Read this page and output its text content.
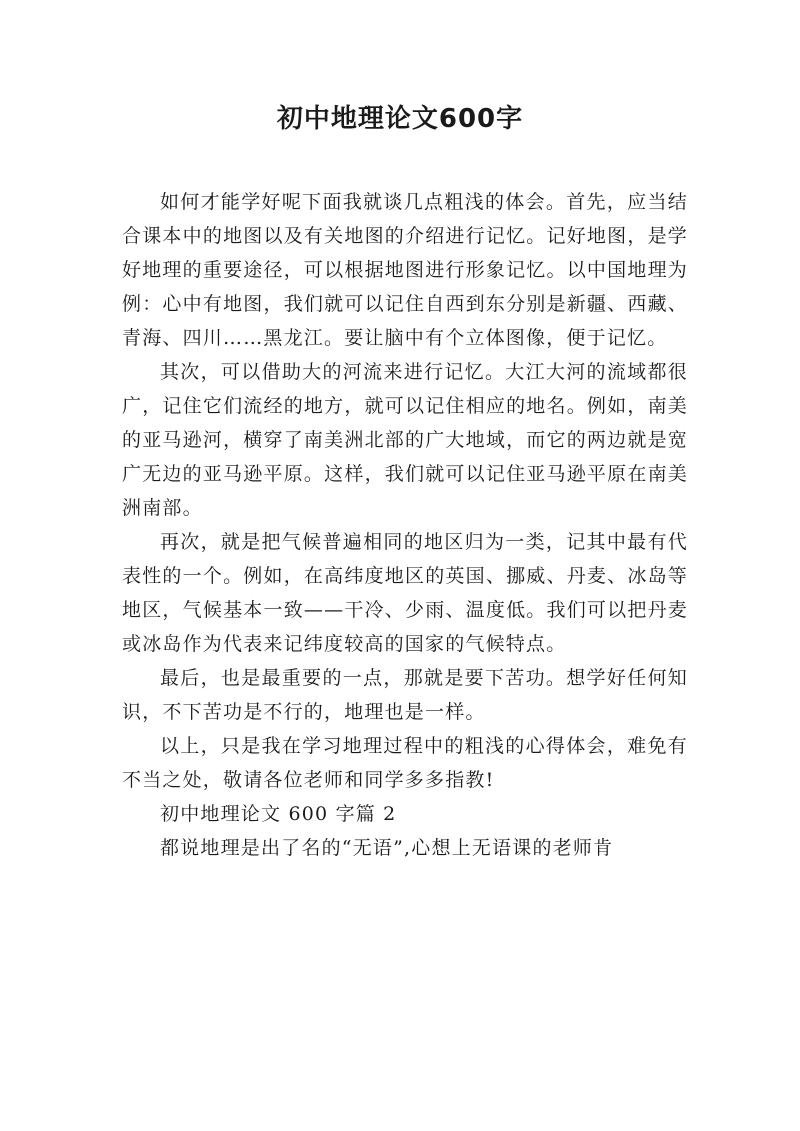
初中地理论文600字

如何才能学好呢下面我就谈几点粗浅的体会。首先，应当结合课本中的地图以及有关地图的介绍进行记忆。记好地图，是学好地理的重要途径，可以根据地图进行形象记忆。以中国地理为例：心中有地图，我们就可以记住自西到东分别是新疆、西藏、青海、四川……黑龙江。要让脑中有个立体图像，便于记忆。

其次，可以借助大的河流来进行记忆。大江大河的流域都很广，记住它们流经的地方，就可以记住相应的地名。例如，南美的亚马逊河，横穿了南美洲北部的广大地域，而它的两边就是宽广无边的亚马逊平原。这样，我们就可以记住亚马逊平原在南美洲南部。

再次，就是把气候普遍相同的地区归为一类，记其中最有代表性的一个。例如，在高纬度地区的英国、挪威、丹麦、冰岛等地区，气候基本一致——干冷、少雨、温度低。我们可以把丹麦或冰岛作为代表来记纬度较高的国家的气候特点。

最后，也是最重要的一点，那就是要下苦功。想学好任何知识，不下苦功是不行的，地理也是一样。

以上，只是我在学习地理过程中的粗浅的心得体会，难免有不当之处，敬请各位老师和同学多多指教!

初中地理论文 600 字篇 2

都说地理是出了名的“无语”,心想上无语课的老师肯
